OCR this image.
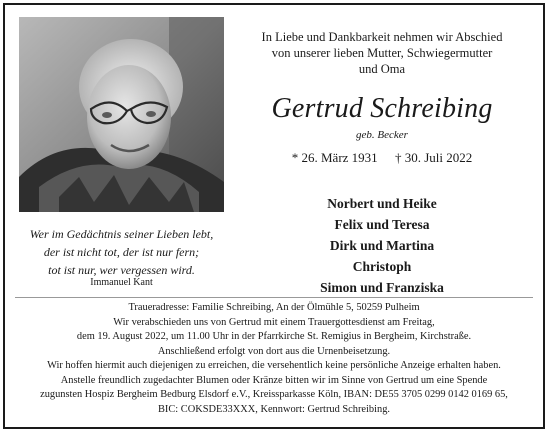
In Liebe und Dankbarkeit nehmen wir Abschied
von unserer lieben Mutter, Schwiegermutter
und Oma
Gertrud Schreibing
geb. Becker
* 26. März 1931 † 30. Juli 2022
Norbert und Heike
Felix und Teresa
Dirk und Martina
Christoph
Simon und Franziska
Wer im Gedächtnis seiner Lieben lebt,
der ist nicht tot, der ist nur fern;
tot ist nur, wer vergessen wird.
Immanuel Kant

Traueradresse: Familie Schreibing, An der Ölmühle 5, 50259 Pulheim

Wir verabschieden uns von Gertrud mit einem Trauergottesdienst am Freitag,

dem 19. August 2022, um 11.00 Uhr in der Pfarrkirche St. Remigius in Bergheim, Kirchstraße.

Anschließend erfolgt von dort aus die Urnenbeisetzung.

Wir hoffen hiermit auch diejenigen zu erreichen, die versehentlich keine persönliche Anzeige erhalten haben.

Anstelle freundlich zugedachter Blumen oder Kränze bitten wir im Sinne von Gertrud um eine Spende

zugunsten Hospiz Bergheim Bedburg Elsdorf e.V., Kreissparkasse Köln, IBAN: DE55 3705 0299 0142 0169 65,

BIC: COKSDE33XXX, Kennwort: Gertrud Schreibing.
